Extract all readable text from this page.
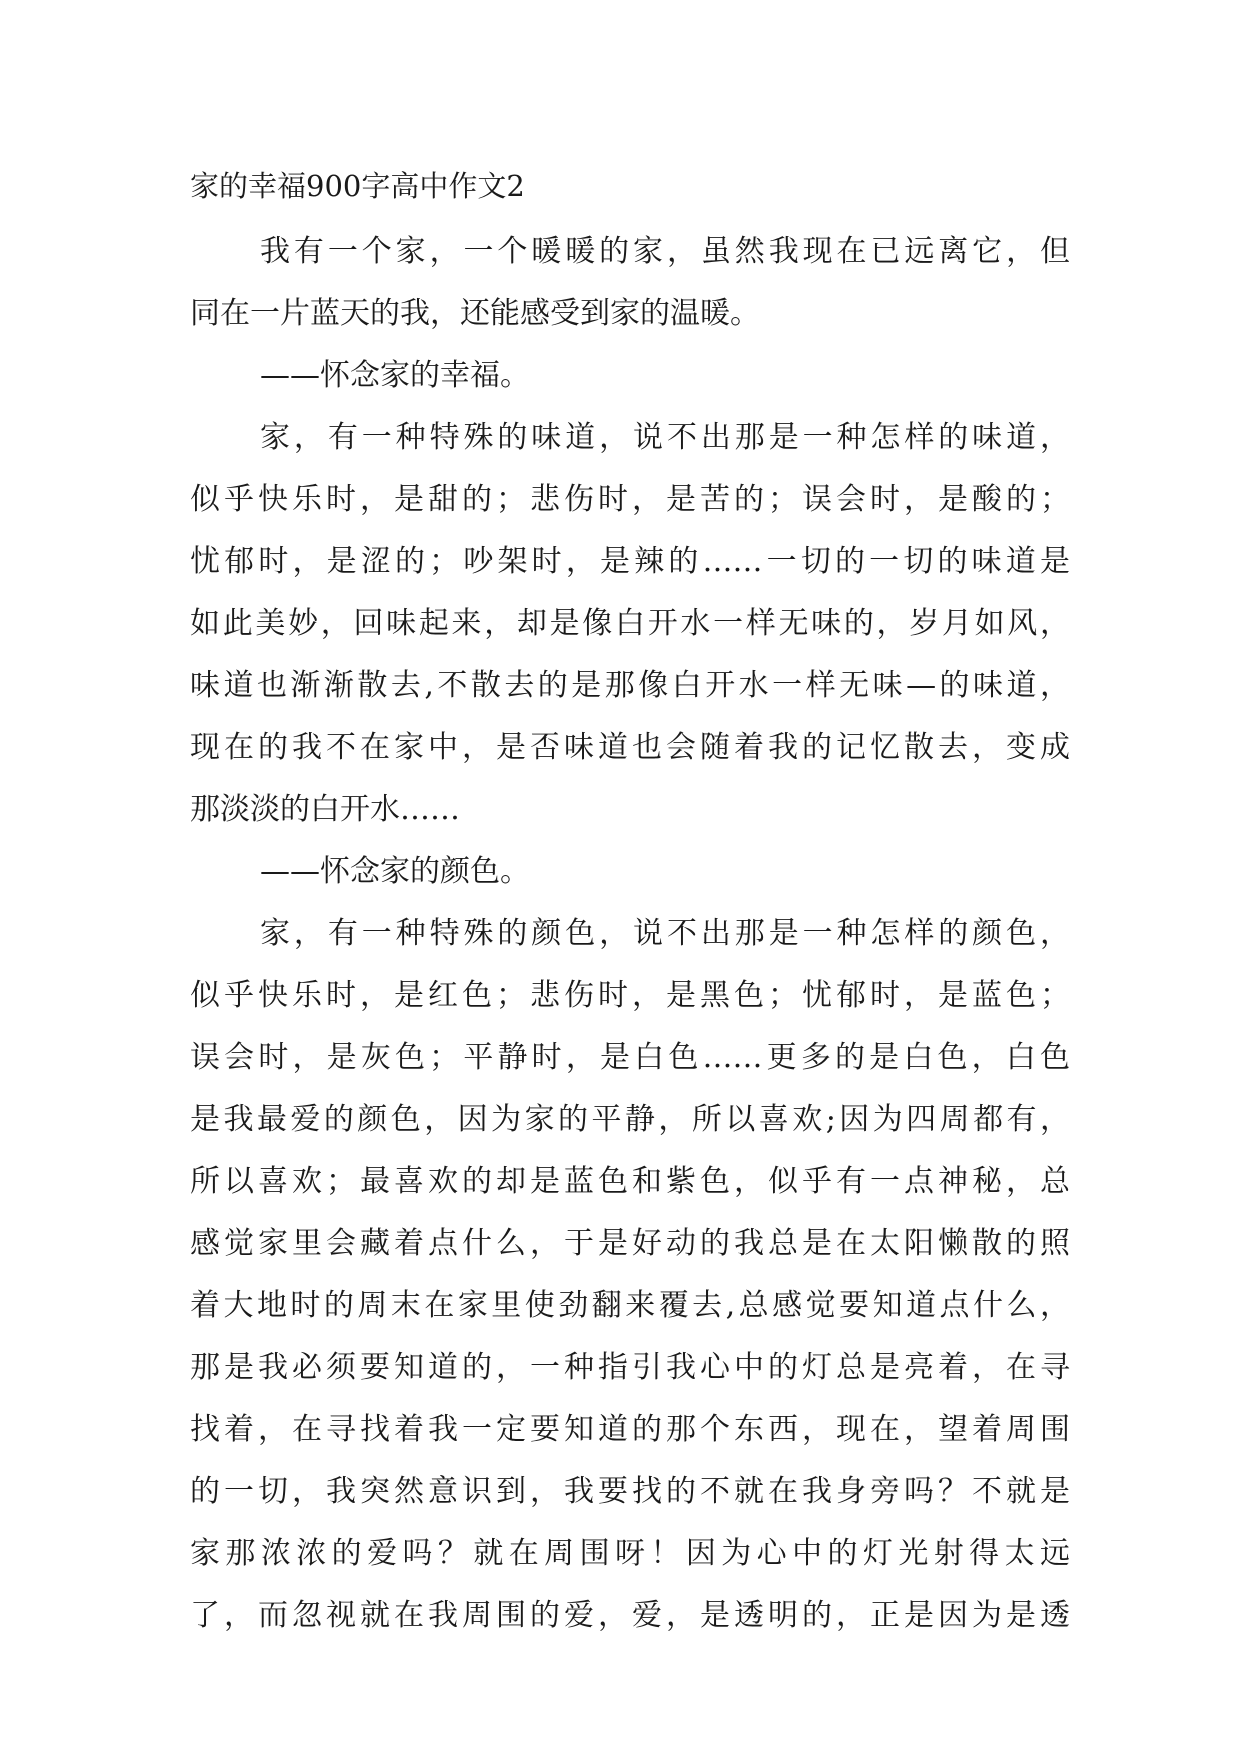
家的幸福900字高中作文2
我有一个家，一个暖暖的家，虽然我现在已远离它，但
同在一片蓝天的我，还能感受到家的温暖。
——怀念家的幸福。
家，有一种特殊的味道，说不出那是一种怎样的味道，
似乎快乐时，是甜的；悲伤时，是苦的；误会时，是酸的；
忧郁时，是涩的；吵架时，是辣的……一切的一切的味道是
如此美妙，回味起来，却是像白开水一样无味的，岁月如风，
味道也渐渐散去,不散去的是那像白开水一样无味—的味道，
现在的我不在家中，是否味道也会随着我的记忆散去，变成
那淡淡的白开水……
——怀念家的颜色。
家，有一种特殊的颜色，说不出那是一种怎样的颜色，
似乎快乐时，是红色；悲伤时，是黑色；忧郁时，是蓝色；
误会时，是灰色；平静时，是白色……更多的是白色，白色
是我最爱的颜色，因为家的平静，所以喜欢;因为四周都有，
所以喜欢；最喜欢的却是蓝色和紫色，似乎有一点神秘，总
感觉家里会藏着点什么，于是好动的我总是在太阳懒散的照
着大地时的周末在家里使劲翻来覆去,总感觉要知道点什么，
那是我必须要知道的，一种指引我心中的灯总是亮着，在寻
找着，在寻找着我一定要知道的那个东西，现在，望着周围
的一切，我突然意识到，我要找的不就在我身旁吗？不就是
家那浓浓的爱吗？就在周围呀！因为心中的灯光射得太远
了，而忽视就在我周围的爱，爱，是透明的，正是因为是透
